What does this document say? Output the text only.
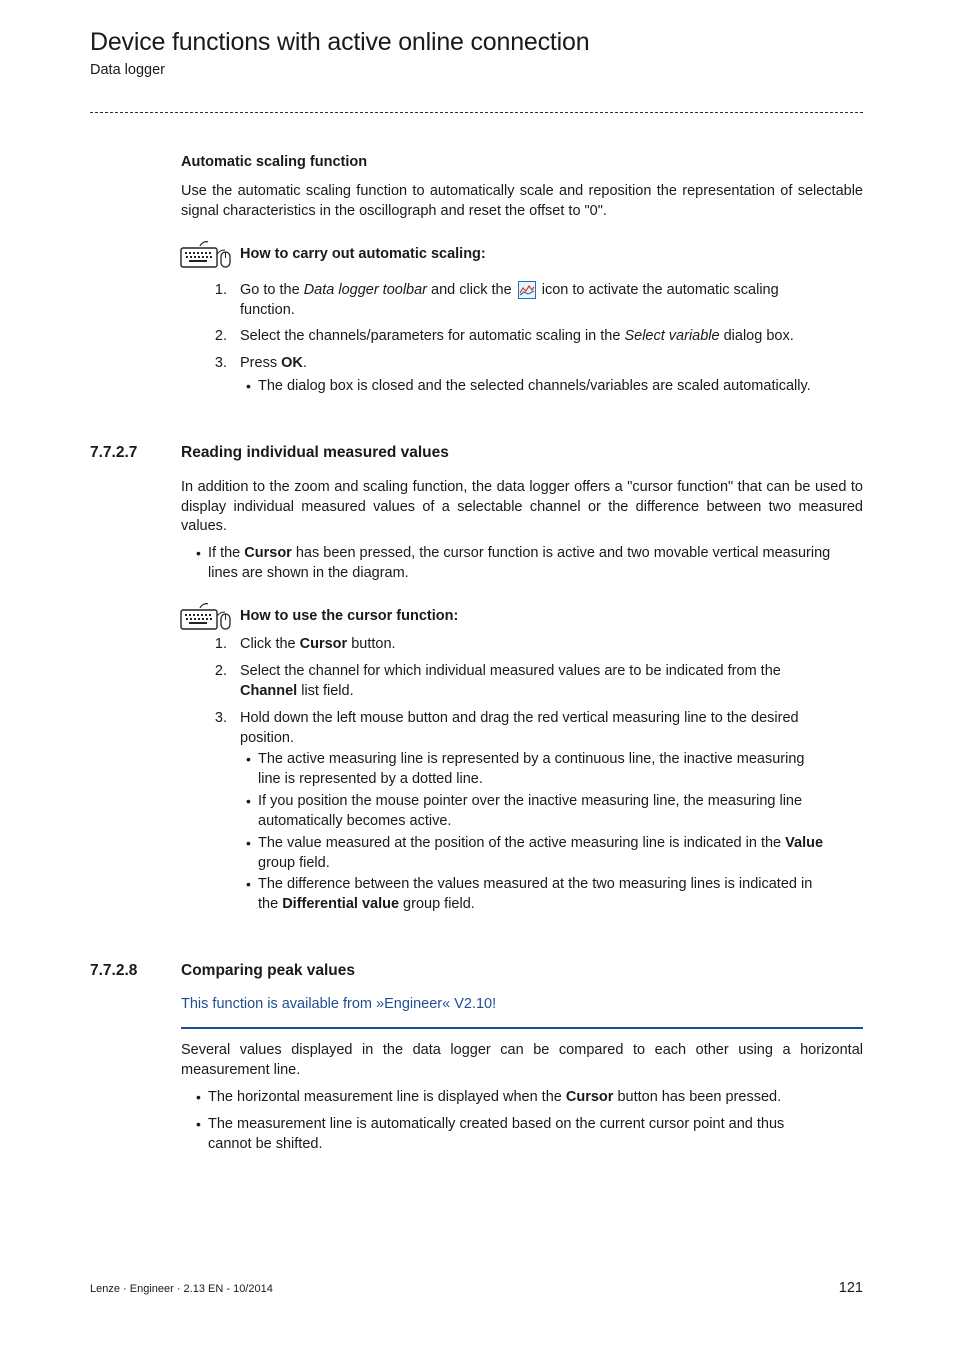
Device functions with active online connection
Data logger
Automatic scaling function
Use the automatic scaling function to automatically scale and reposition the representation of selectable signal characteristics in the oscillograph and reset the offset to "0".
How to carry out automatic scaling:
1. Go to the Data logger toolbar and click the  icon to activate the automatic scaling
function.
2. Select the channels/parameters for automatic scaling in the Select variable dialog box.
3. Press OK.
• The dialog box is closed and the selected channels/variables are scaled automatically.
7.7.2.7	Reading individual measured values
In addition to the zoom and scaling function, the data logger offers a "cursor function" that can be used to display individual measured values of a selectable channel or the difference between two measured values.
• If the Cursor has been pressed, the cursor function is active and two movable vertical measuring
lines are shown in the diagram.
How to use the cursor function:
1. Click the Cursor button.
2. Select the channel for which individual measured values are to be indicated from the
Channel list field.
3. Hold down the left mouse button and drag the red vertical measuring line to the desired
position.
• The active measuring line is represented by a continuous line, the inactive measuring
line is represented by a dotted line.
• If you position the mouse pointer over the inactive measuring line, the measuring line
automatically becomes active.
• The value measured at the position of the active measuring line is indicated in the Value
group field.
• The difference between the values measured at the two measuring lines is indicated in
the Differential value group field.
7.7.2.8	Comparing peak values
This function is available from »Engineer« V2.10!
Several values displayed in the data logger can be compared to each other using a horizontal measurement line.
• The horizontal measurement line is displayed when the Cursor button has been pressed.
• The measurement line is automatically created based on the current cursor point and thus
cannot be shifted.
Lenze · Engineer · 2.13 EN - 10/2014	121
